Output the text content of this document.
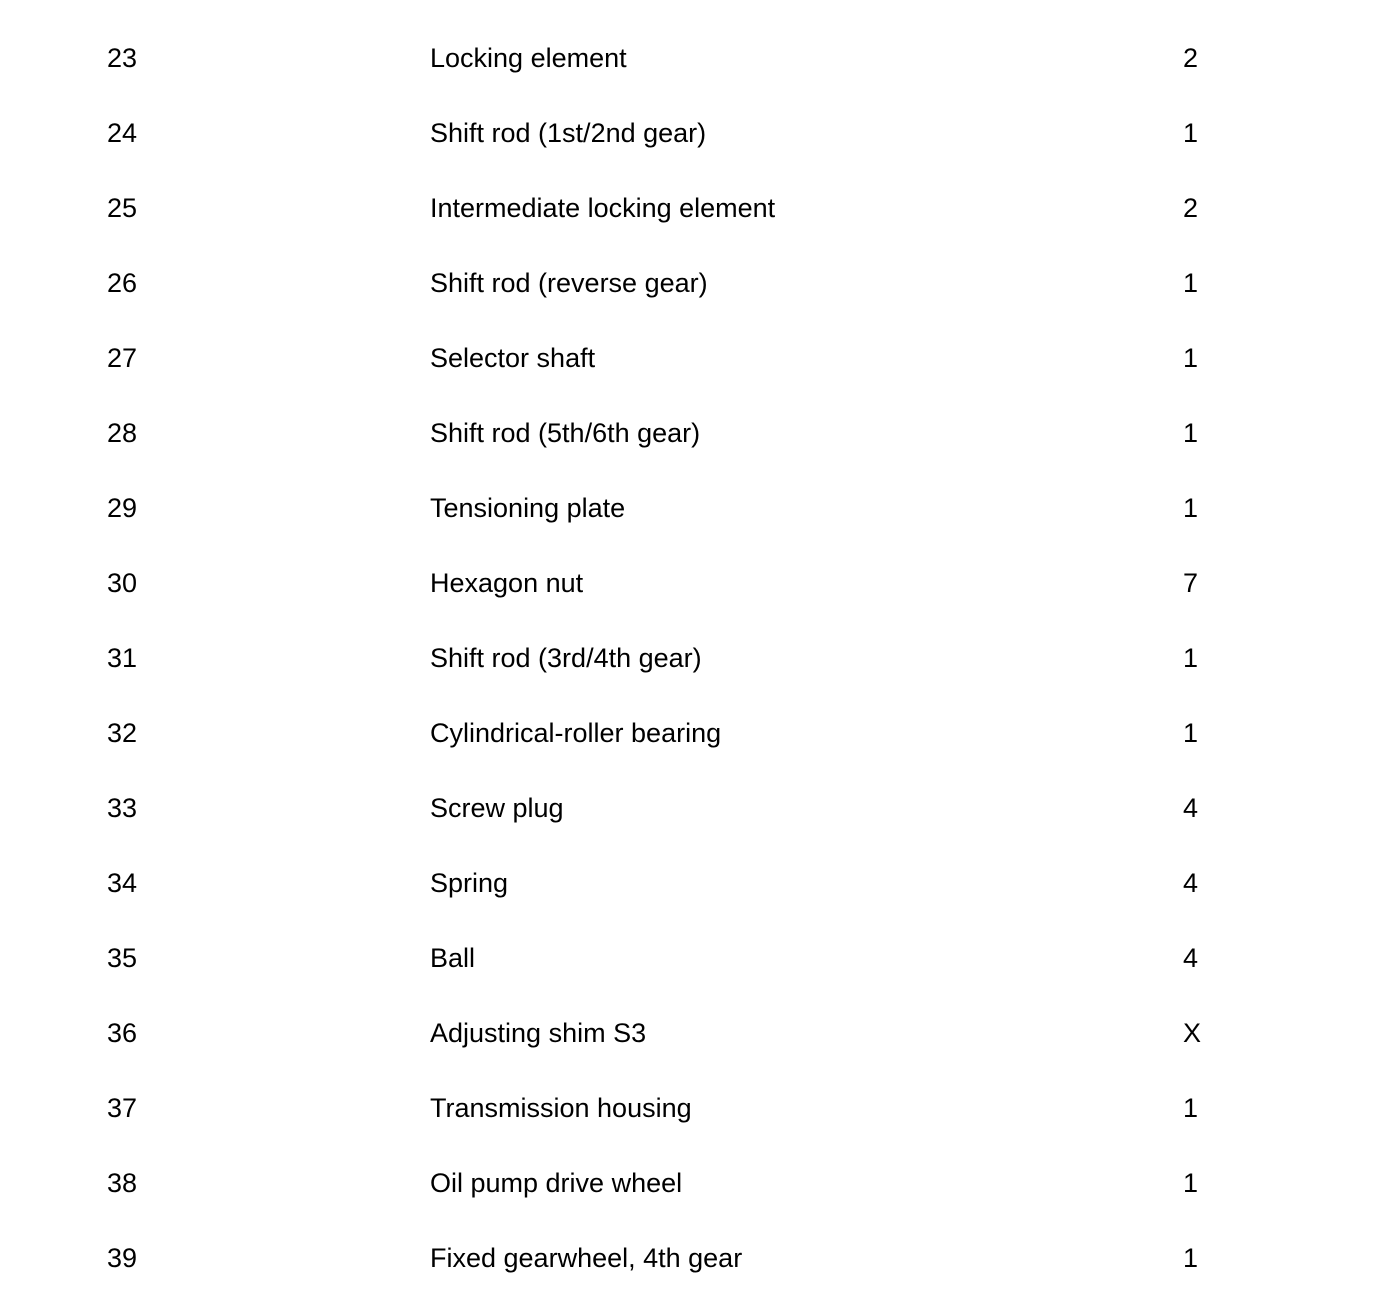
23	Locking element	2
24	Shift rod (1st/2nd gear)	1
25	Intermediate locking element	2
26	Shift rod (reverse gear)	1
27	Selector shaft	1
28	Shift rod (5th/6th gear)	1
29	Tensioning plate	1
30	Hexagon nut	7
31	Shift rod (3rd/4th gear)	1
32	Cylindrical-roller bearing	1
33	Screw plug	4
34	Spring	4
35	Ball	4
36	Adjusting shim S3	X
37	Transmission housing	1
38	Oil pump drive wheel	1
39	Fixed gearwheel, 4th gear	1
